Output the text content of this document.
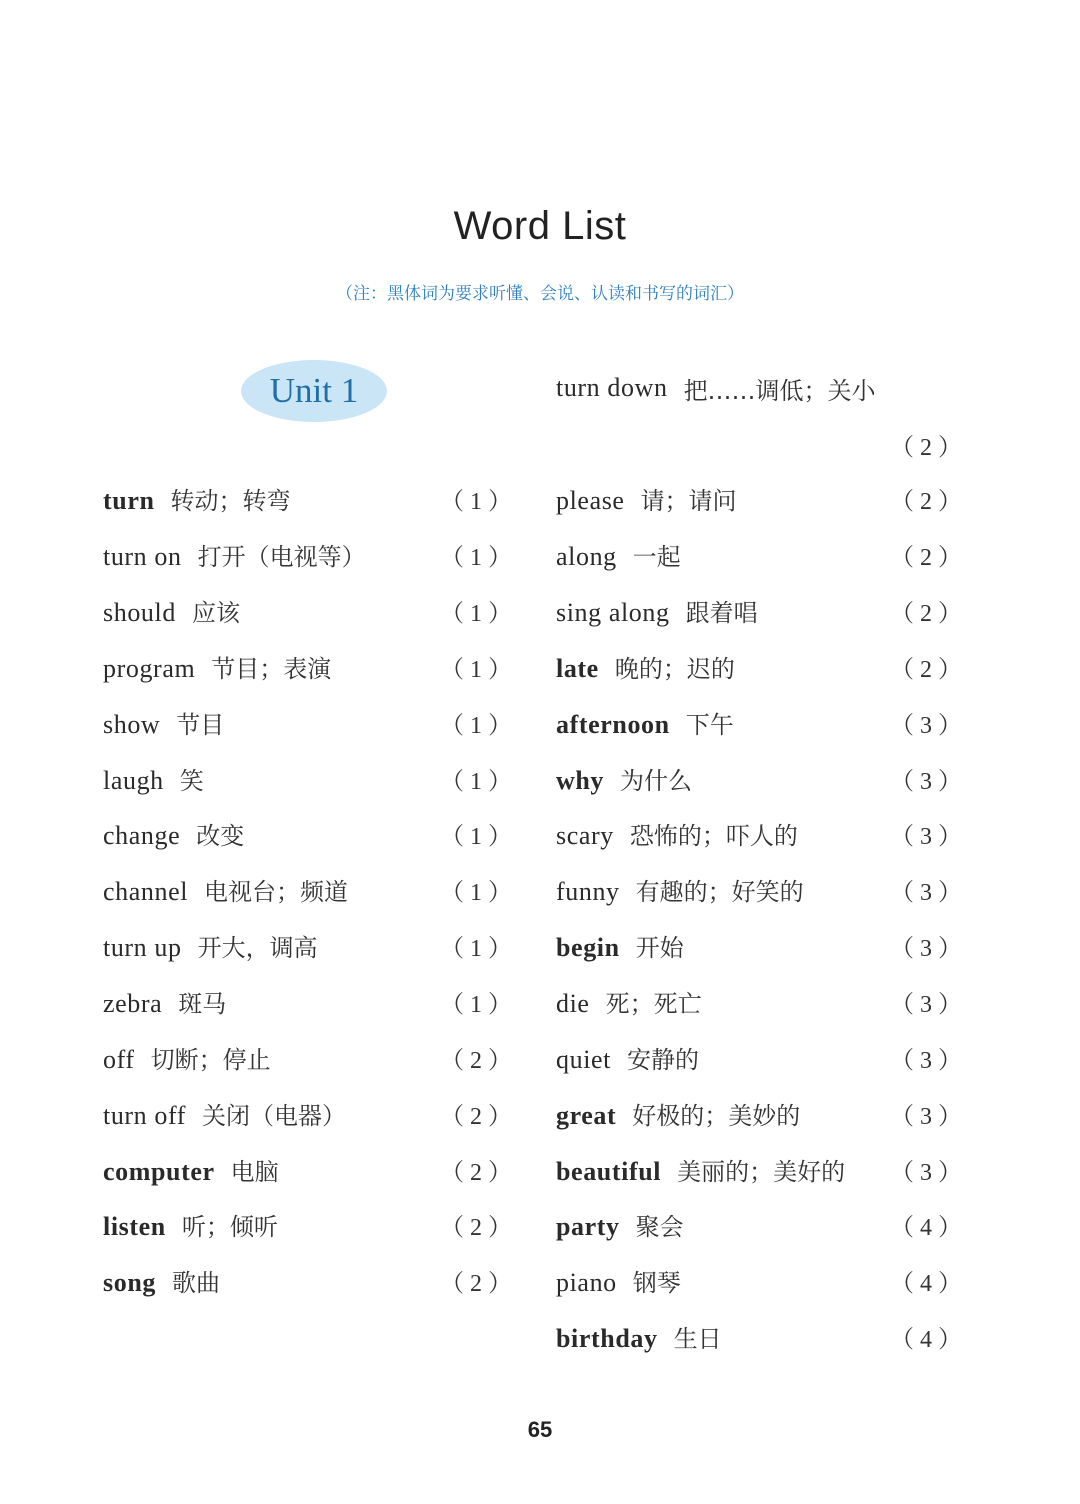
Word List
（注：黑体词为要求听懂、会说、认读和书写的词汇）
Unit 1	turn down 把……调低；关小
（2）
turn 转动；转弯	（1）
turn on 打开（电视等）	（1）
should 应该	（1）
program 节目；表演	（1）
show 节目	（1）
laugh 笑	（1）
change 改变	（1）
channel 电视台；频道	（1）
turn up 开大，调高	（1）
zebra 斑马	（1）
off 切断；停止	（2）
turn off 关闭（电器）	（2）
computer 电脑	（2）
listen 听；倾听	（2）
song 歌曲	（2）
please 请；请问	（2）
along 一起	（2）
sing along 跟着唱	（2）
late 晚的；迟的	（2）
afternoon 下午	（3）
why 为什么	（3）
scary 恐怖的；吓人的	（3）
funny 有趣的；好笑的	（3）
begin 开始	（3）
die 死；死亡	（3）
quiet 安静的	（3）
great 好极的；美妙的	（3）
beautiful 美丽的；美好的 （3）
party 聚会	（4）
piano 钢琴	（4）
birthday 生日	（4）
65
